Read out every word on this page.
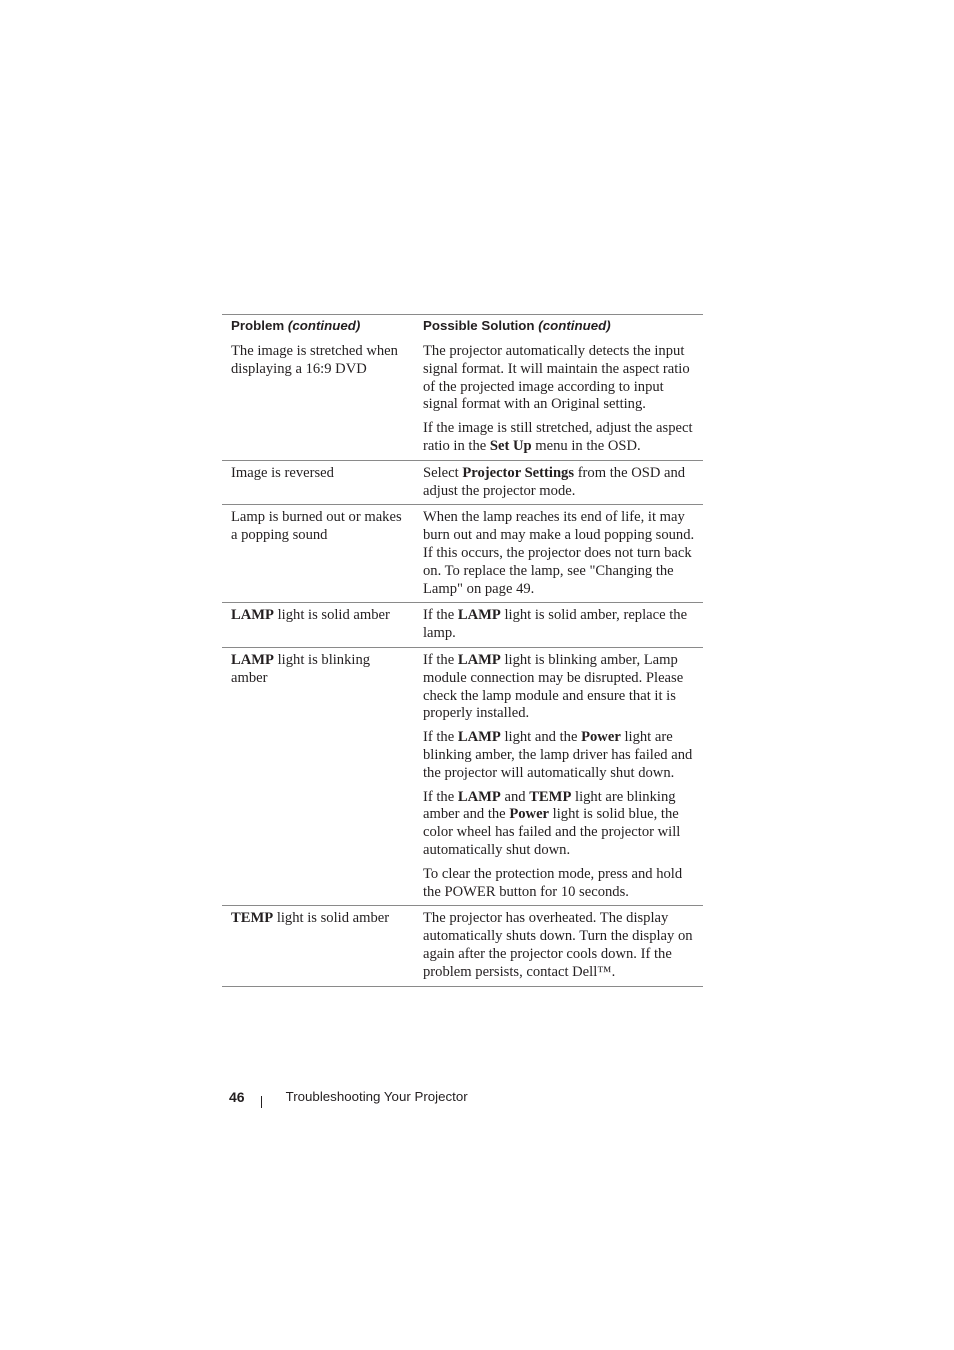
Problem (continued)	Possible Solution (continued)
The image is stretched when displaying a 16:9 DVD	The projector automatically detects the input signal format. It will maintain the aspect ratio of the projected image according to input signal format with an Original setting.

If the image is still stretched, adjust the aspect ratio in the Set Up menu in the OSD.

Image is reversed	Select Projector Settings from the OSD and adjust the projector mode.

Lamp is burned out or makes a popping sound	When the lamp reaches its end of life, it may burn out and may make a loud popping sound. If this occurs, the projector does not turn back on. To replace the lamp, see "Changing the Lamp" on page 49.

LAMP light is solid amber	If the LAMP light is solid amber, replace the lamp.

LAMP light is blinking amber	If the LAMP light is blinking amber, Lamp module connection may be disrupted. Please check the lamp module and ensure that it is properly installed.

If the LAMP light and the Power light are blinking amber, the lamp driver has failed and the projector will automatically shut down.

If the LAMP and TEMP light are blinking amber and the Power light is solid blue, the color wheel has failed and the projector will automatically shut down.

To clear the protection mode, press and hold the POWER button for 10 seconds.

TEMP light is solid amber	The projector has overheated. The display automatically shuts down. Turn the display on again after the projector cools down. If the problem persists, contact Dell™.

46	Troubleshooting Your Projector
